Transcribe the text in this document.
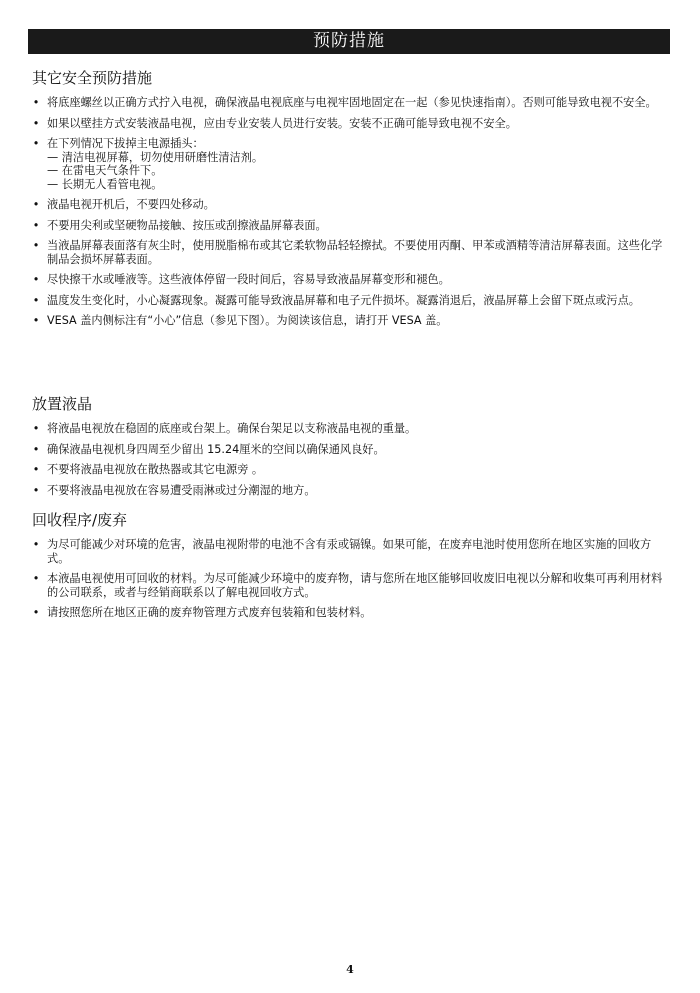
预防措施
其它安全预防措施
• 将底座螺丝以正确方式拧入电视，确保液晶电视底座与电视牢固地固定在一起（参见快速指南）。否则可能导致电视不安全。
• 如果以壁挂方式安装液晶电视，应由专业安装人员进行安装。安装不正确可能导致电视不安全。
• 在下列情况下拔掉主电源插头：
— 清洁电视屏幕，切勿使用研磨性清洁剂。
— 在雷电天气条件下。
— 长期无人看管电视。
• 液晶电视开机后，不要四处移动。
• 不要用尖利或坚硬物品接触、按压或刮擦液晶屏幕表面。
• 当液晶屏幕表面落有灰尘时，使用脱脂棉布或其它柔软物品轻轻擦拭。不要使用丙酮、甲苯或酒精等清洁屏幕表面。这些化学制品会损坏屏幕表面。
• 尽快擦干水或唾液等。这些液体停留一段时间后，容易导致液晶屏幕变形和褪色。
• 温度发生变化时，小心凝露现象。凝露可能导致液晶屏幕和电子元件损坏。凝露消退后，液晶屏幕上会留下斑点或污点。
• VESA 盖内侧标注有“小心”信息（参见下图）。为阅读该信息，请打开 VESA 盖。
放置液晶
• 将液晶电视放在稳固的底座或台架上。确保台架足以支称液晶电视的重量。
• 确保液晶电视机身四周至少留出 15.24厘米的空间以确保通风良好。
• 不要将液晶电视放在散热器或其它电源旁 。
• 不要将液晶电视放在容易遭受雨淋或过分潮湿的地方。
回收程序/废弃
• 为尽可能减少对环境的危害，液晶电视附带的电池不含有汞或镉镍。如果可能，在废弃电池时使用您所在地区实施的回收方式。
• 本液晶电视使用可回收的材料。为尽可能减少环境中的废弃物，请与您所在地区能够回收废旧电视以分解和收集可再利用材料的公司联系，或者与经销商联系以了解电视回收方式。
• 请按照您所在地区正确的废弃物管理方式废弃包装箱和包装材料。
4
